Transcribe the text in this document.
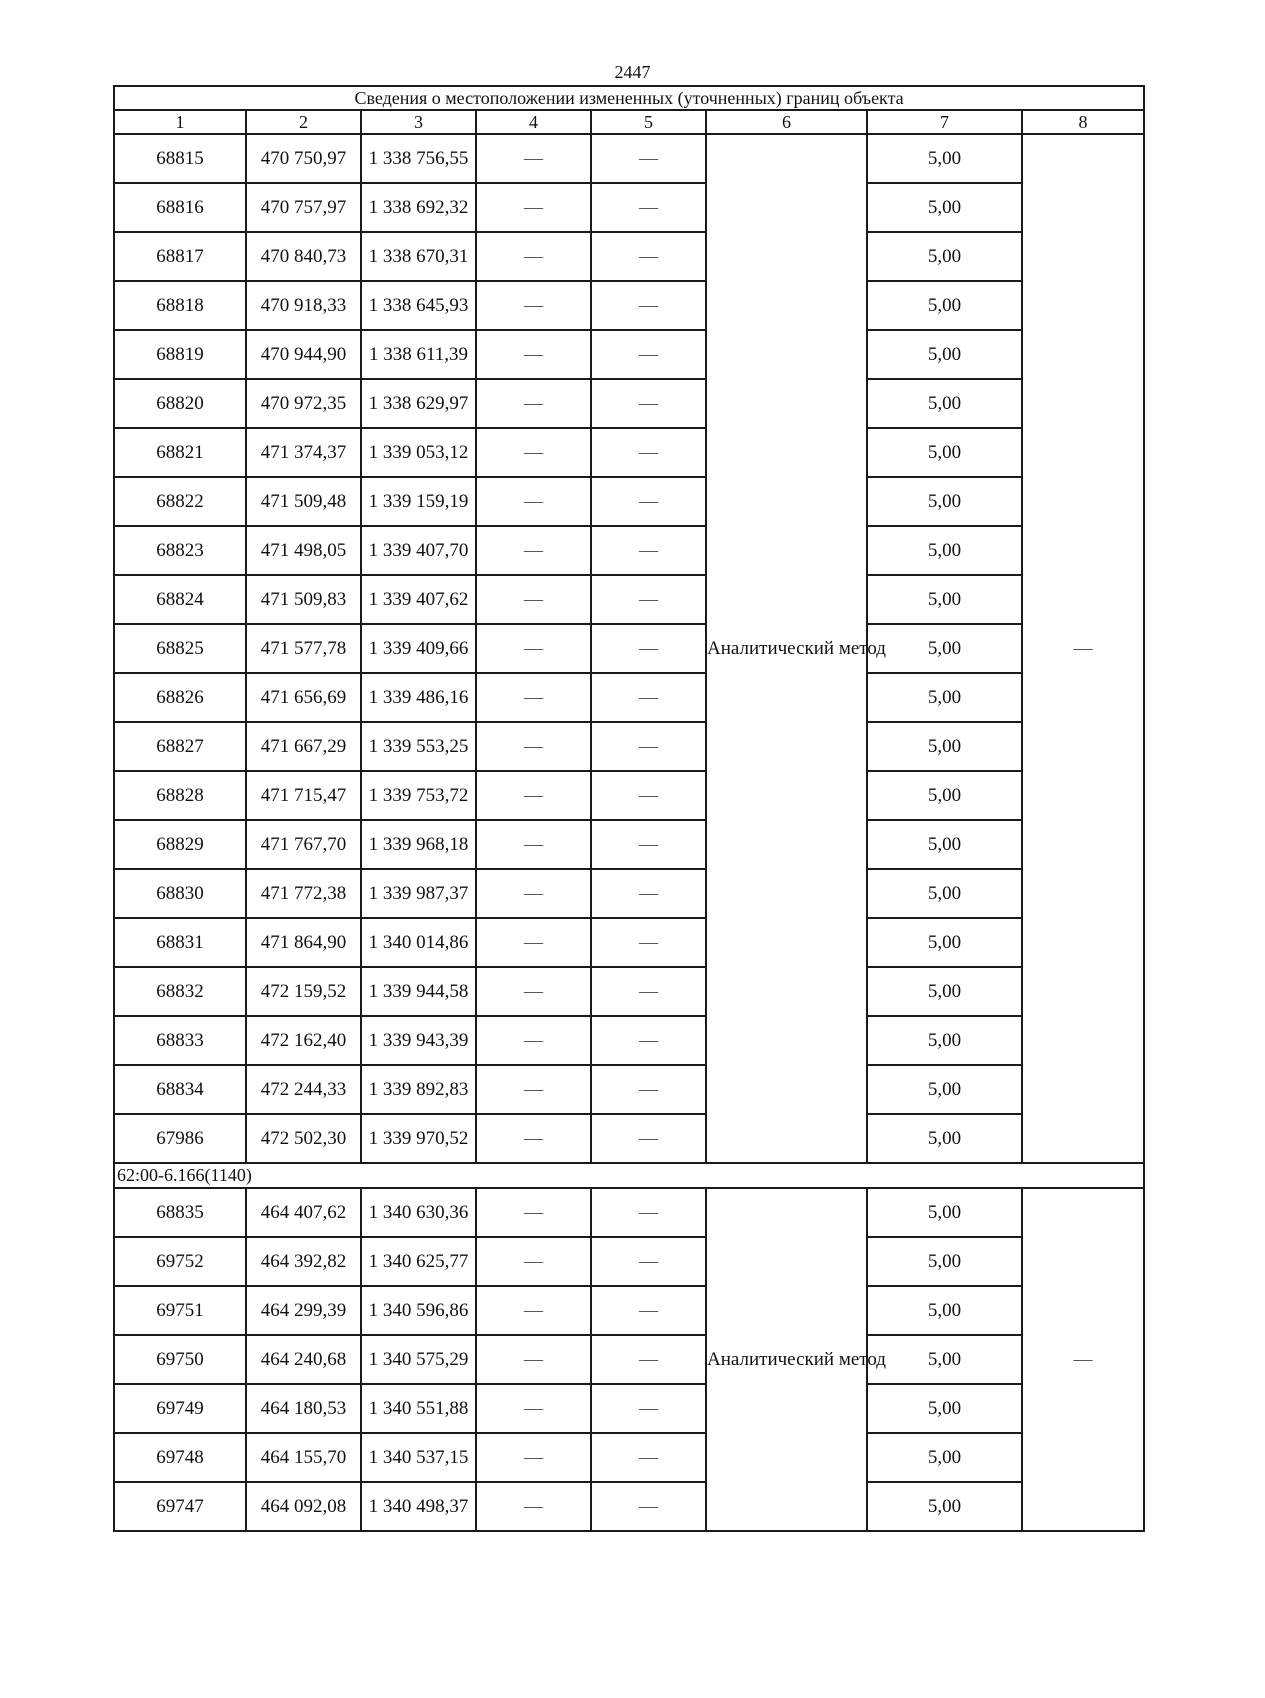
2447
Сведения о местоположении измененных (уточненных) границ объекта							
1	2	3	4	5	6	7	8
68815	470 750,97	1 338 756,55	—	—	Аналитический метод	5,00	—
68816	470 757,97	1 338 692,32	—	—		5,00	
68817	470 840,73	1 338 670,31	—	—		5,00	
68818	470 918,33	1 338 645,93	—	—		5,00	
68819	470 944,90	1 338 611,39	—	—		5,00	
68820	470 972,35	1 338 629,97	—	—		5,00	
68821	471 374,37	1 339 053,12	—	—		5,00	
68822	471 509,48	1 339 159,19	—	—		5,00	
68823	471 498,05	1 339 407,70	—	—		5,00	
68824	471 509,83	1 339 407,62	—	—		5,00	
68825	471 577,78	1 339 409,66	—	—		5,00	
68826	471 656,69	1 339 486,16	—	—		5,00	
68827	471 667,29	1 339 553,25	—	—		5,00	
68828	471 715,47	1 339 753,72	—	—		5,00	
68829	471 767,70	1 339 968,18	—	—		5,00	
68830	471 772,38	1 339 987,37	—	—		5,00	
68831	471 864,90	1 340 014,86	—	—		5,00	
68832	472 159,52	1 339 944,58	—	—		5,00	
68833	472 162,40	1 339 943,39	—	—		5,00	
68834	472 244,33	1 339 892,83	—	—		5,00	
67986	472 502,30	1 339 970,52	—	—		5,00	
62:00-6.166(1140)							
68835	464 407,62	1 340 630,36	—	—	Аналитический метод	5,00	—
69752	464 392,82	1 340 625,77	—	—		5,00	
69751	464 299,39	1 340 596,86	—	—		5,00	
69750	464 240,68	1 340 575,29	—	—		5,00	
69749	464 180,53	1 340 551,88	—	—		5,00	
69748	464 155,70	1 340 537,15	—	—		5,00	
69747	464 092,08	1 340 498,37	—	—		5,00	
